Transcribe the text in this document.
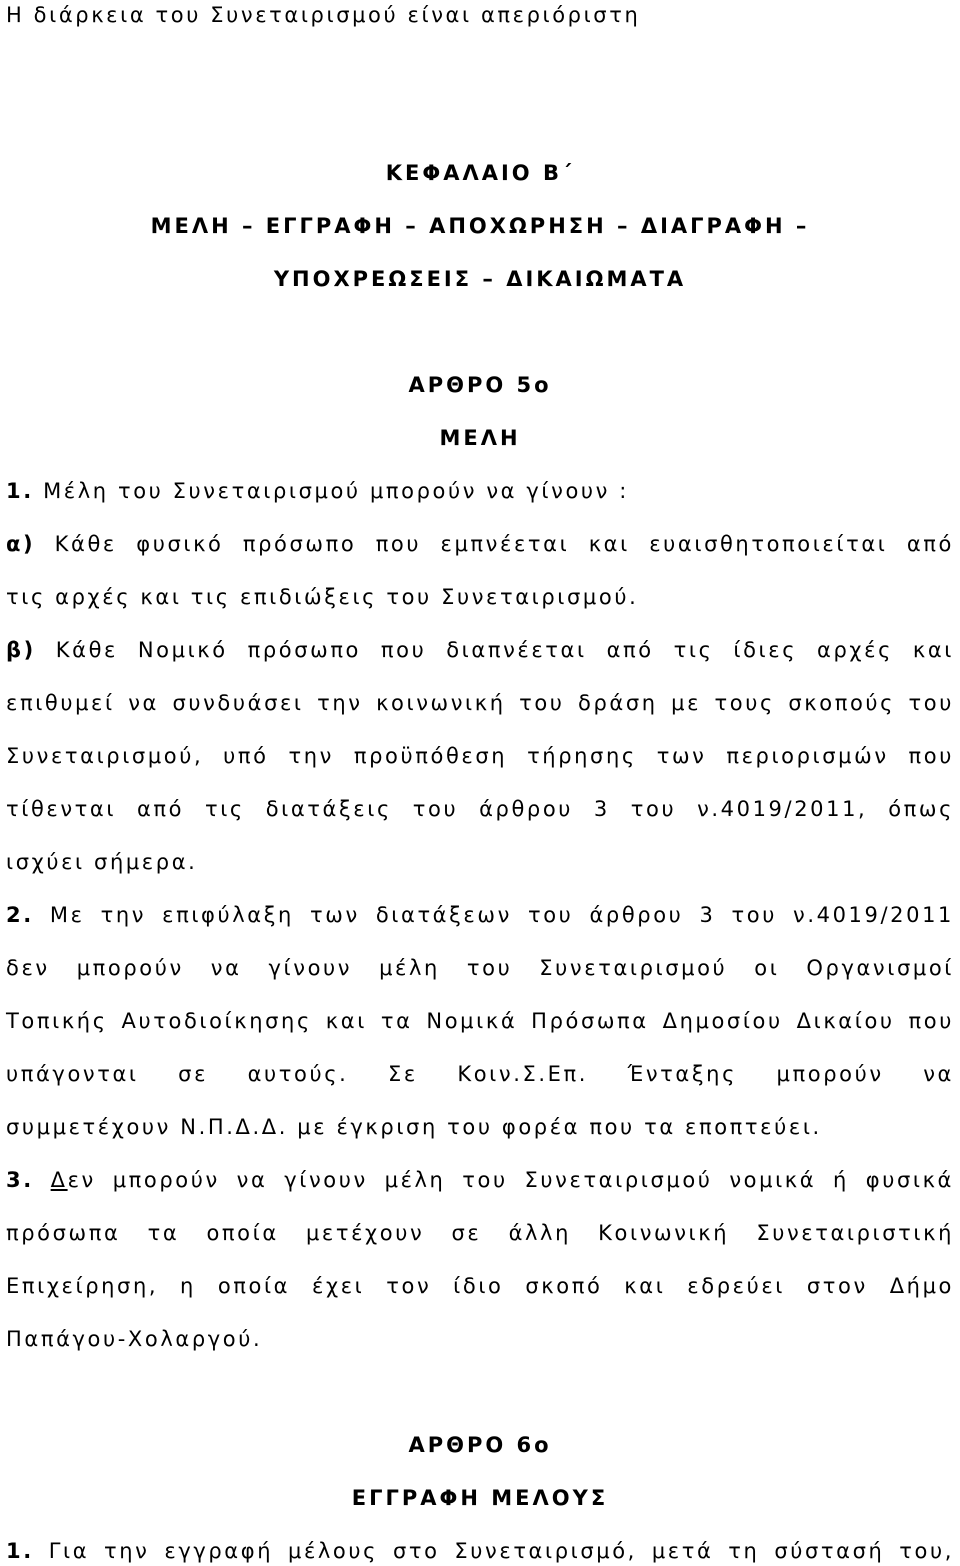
Η διάρκεια του Συνεταιρισμού είναι απεριόριστη
ΚΕΦΑΛΑΙΟ Β΄
ΜΕΛΗ – ΕΓΓΡΑΦΗ – ΑΠΟΧΩΡΗΣΗ – ΔΙΑΓΡΑΦΗ –
ΥΠΟΧΡΕΩΣΕΙΣ – ΔΙΚΑΙΩΜΑΤΑ
ΑΡΘΡΟ 5ο
ΜΕΛΗ
1. Μέλη του Συνεταιρισμού μπορούν να γίνουν :
α) Κάθε φυσικό πρόσωπο που εμπνέεται και ευαισθητοποιείται από
τις αρχές και τις επιδιώξεις του Συνεταιρισμού.
β) Κάθε Νομικό πρόσωπο που διαπνέεται από τις ίδιες αρχές και
επιθυμεί να συνδυάσει την κοινωνική του δράση με τους σκοπούς του
Συνεταιρισμού, υπό την προϋπόθεση τήρησης των περιορισμών που
τίθενται από τις διατάξεις του άρθρου 3 του ν.4019/2011, όπως
ισχύει σήμερα.
2. Με την επιφύλαξη των διατάξεων του άρθρου 3 του ν.4019/2011
δεν μπορούν να γίνουν μέλη του Συνεταιρισμού οι Οργανισμοί
Τοπικής Αυτοδιοίκησης και τα Νομικά Πρόσωπα Δημοσίου Δικαίου που
υπάγονται σε αυτούς. Σε Κοιν.Σ.Επ. Ένταξης μπορούν να
συμμετέχουν Ν.Π.Δ.Δ. με έγκριση του φορέα που τα εποπτεύει.
3. Δεν μπορούν να γίνουν μέλη του Συνεταιρισμού νομικά ή φυσικά
πρόσωπα τα οποία μετέχουν σε άλλη Κοινωνική Συνεταιριστική
Επιχείρηση, η οποία έχει τον ίδιο σκοπό και εδρεύει στον Δήμο
Παπάγου-Χολαργού.
ΑΡΘΡΟ 6ο
ΕΓΓΡΑΦΗ ΜΕΛΟΥΣ
1. Για την εγγραφή μέλους στο Συνεταιρισμό, μετά τη σύστασή του,
